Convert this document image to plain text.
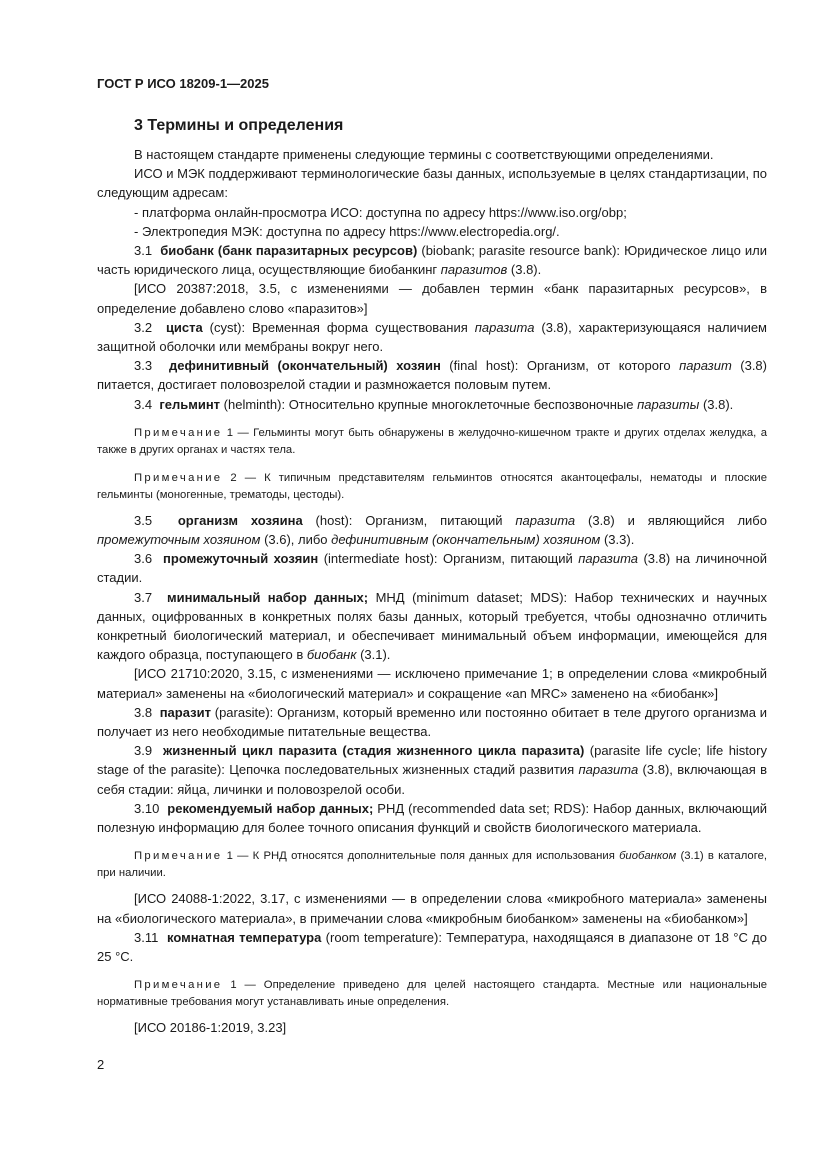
ГОСТ Р ИСО 18209-1—2025
3 Термины и определения

В настоящем стандарте применены следующие термины с соответствующими определениями.

ИСО и МЭК поддерживают терминологические базы данных, используемые в целях стандартизации, по следующим адресам:

- платформа онлайн-просмотра ИСО: доступна по адресу https://www.iso.org/obp;

- Электропедия МЭК: доступна по адресу https://www.electropedia.org/.

3.1 биобанк (банк паразитарных ресурсов) (biobank; parasite resource bank): Юридическое лицо или часть юридического лица, осуществляющие биобанкинг паразитов (3.8).

[ИСО 20387:2018, 3.5, с изменениями — добавлен термин «банк паразитарных ресурсов», в определение добавлено слово «паразитов»]

3.2 циста (cyst): Временная форма существования паразита (3.8), характеризующаяся наличием защитной оболочки или мембраны вокруг него.

3.3 дефинитивный (окончательный) хозяин (final host): Организм, от которого паразит (3.8) питается, достигает половозрелой стадии и размножается половым путем.

3.4 гельминт (helminth): Относительно крупные многоклеточные беспозвоночные паразиты (3.8).

Примечание 1 — Гельминты могут быть обнаружены в желудочно-кишечном тракте и других отделах желудка, а также в других органах и частях тела.

Примечание 2 — К типичным представителям гельминтов относятся акантоцефалы, нематоды и плоские гельминты (моногенные, трематоды, цестоды).

3.5 организм хозяина (host): Организм, питающий паразита (3.8) и являющийся либо промежуточным хозяином (3.6), либо дефинитивным (окончательным) хозяином (3.3).

3.6 промежуточный хозяин (intermediate host): Организм, питающий паразита (3.8) на личиночной стадии.

3.7 минимальный набор данных; МНД (minimum dataset; MDS): Набор технических и научных данных, оцифрованных в конкретных полях базы данных, который требуется, чтобы однозначно отличить конкретный биологический материал, и обеспечивает минимальный объем информации, имеющейся для каждого образца, поступающего в биобанк (3.1).

[ИСО 21710:2020, 3.15, с изменениями — исключено примечание 1; в определении слова «микробный материал» заменены на «биологический материал» и сокращение «an MRC» заменено на «биобанк»]

3.8 паразит (parasite): Организм, который временно или постоянно обитает в теле другого организма и получает из него необходимые питательные вещества.

3.9 жизненный цикл паразита (стадия жизненного цикла паразита) (parasite life cycle; life history stage of the parasite): Цепочка последовательных жизненных стадий развития паразита (3.8), включающая в себя стадии: яйца, личинки и половозрелой особи.

3.10 рекомендуемый набор данных; РНД (recommended data set; RDS): Набор данных, включающий полезную информацию для более точного описания функций и свойств биологического материала.

Примечание 1 — К РНД относятся дополнительные поля данных для использования биобанком (3.1) в каталоге, при наличии.

[ИСО 24088-1:2022, 3.17, с изменениями — в определении слова «микробного материала» заменены на «биологического материала», в примечании слова «микробным биобанком» заменены на «биобанком»]

3.11 комнатная температура (room temperature): Температура, находящаяся в диапазоне от 18 °С до 25 °С.

Примечание 1 — Определение приведено для целей настоящего стандарта. Местные или национальные нормативные требования могут устанавливать иные определения.

[ИСО 20186-1:2019, 3.23]

2
